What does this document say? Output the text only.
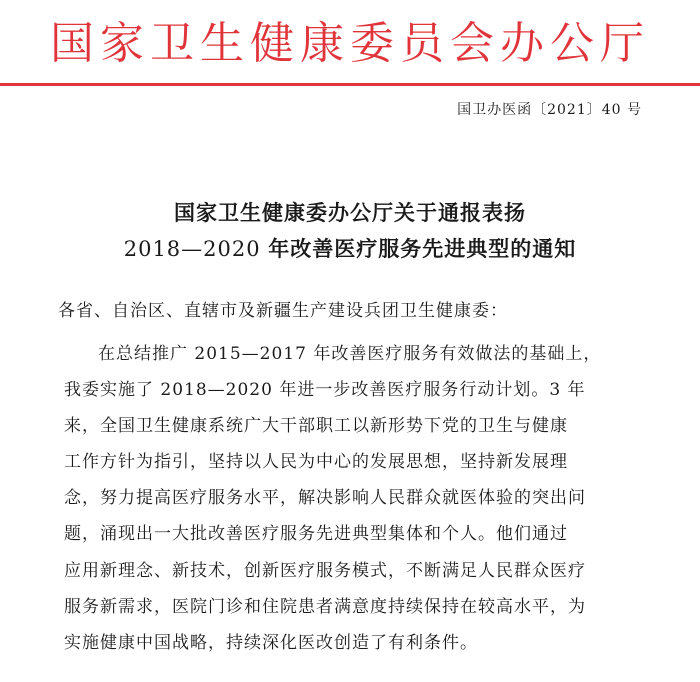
国家卫生健康委员会办公厅
国卫办医函〔2021〕40 号
国家卫生健康委办公厅关于通报表扬
2018—2020 年改善医疗服务先进典型的通知
各省、自治区、直辖市及新疆生产建设兵团卫生健康委：
在总结推广 2015—2017 年改善医疗服务有效做法的基础上，
我委实施了 2018—2020 年进一步改善医疗服务行动计划。3 年
来，全国卫生健康系统广大干部职工以新形势下党的卫生与健康
工作方针为指引，坚持以人民为中心的发展思想，坚持新发展理
念，努力提高医疗服务水平，解决影响人民群众就医体验的突出问
题，涌现出一大批改善医疗服务先进典型集体和个人。他们通过
应用新理念、新技术，创新医疗服务模式，不断满足人民群众医疗
服务新需求，医院门诊和住院患者满意度持续保持在较高水平，为
实施健康中国战略，持续深化医改创造了有利条件。
